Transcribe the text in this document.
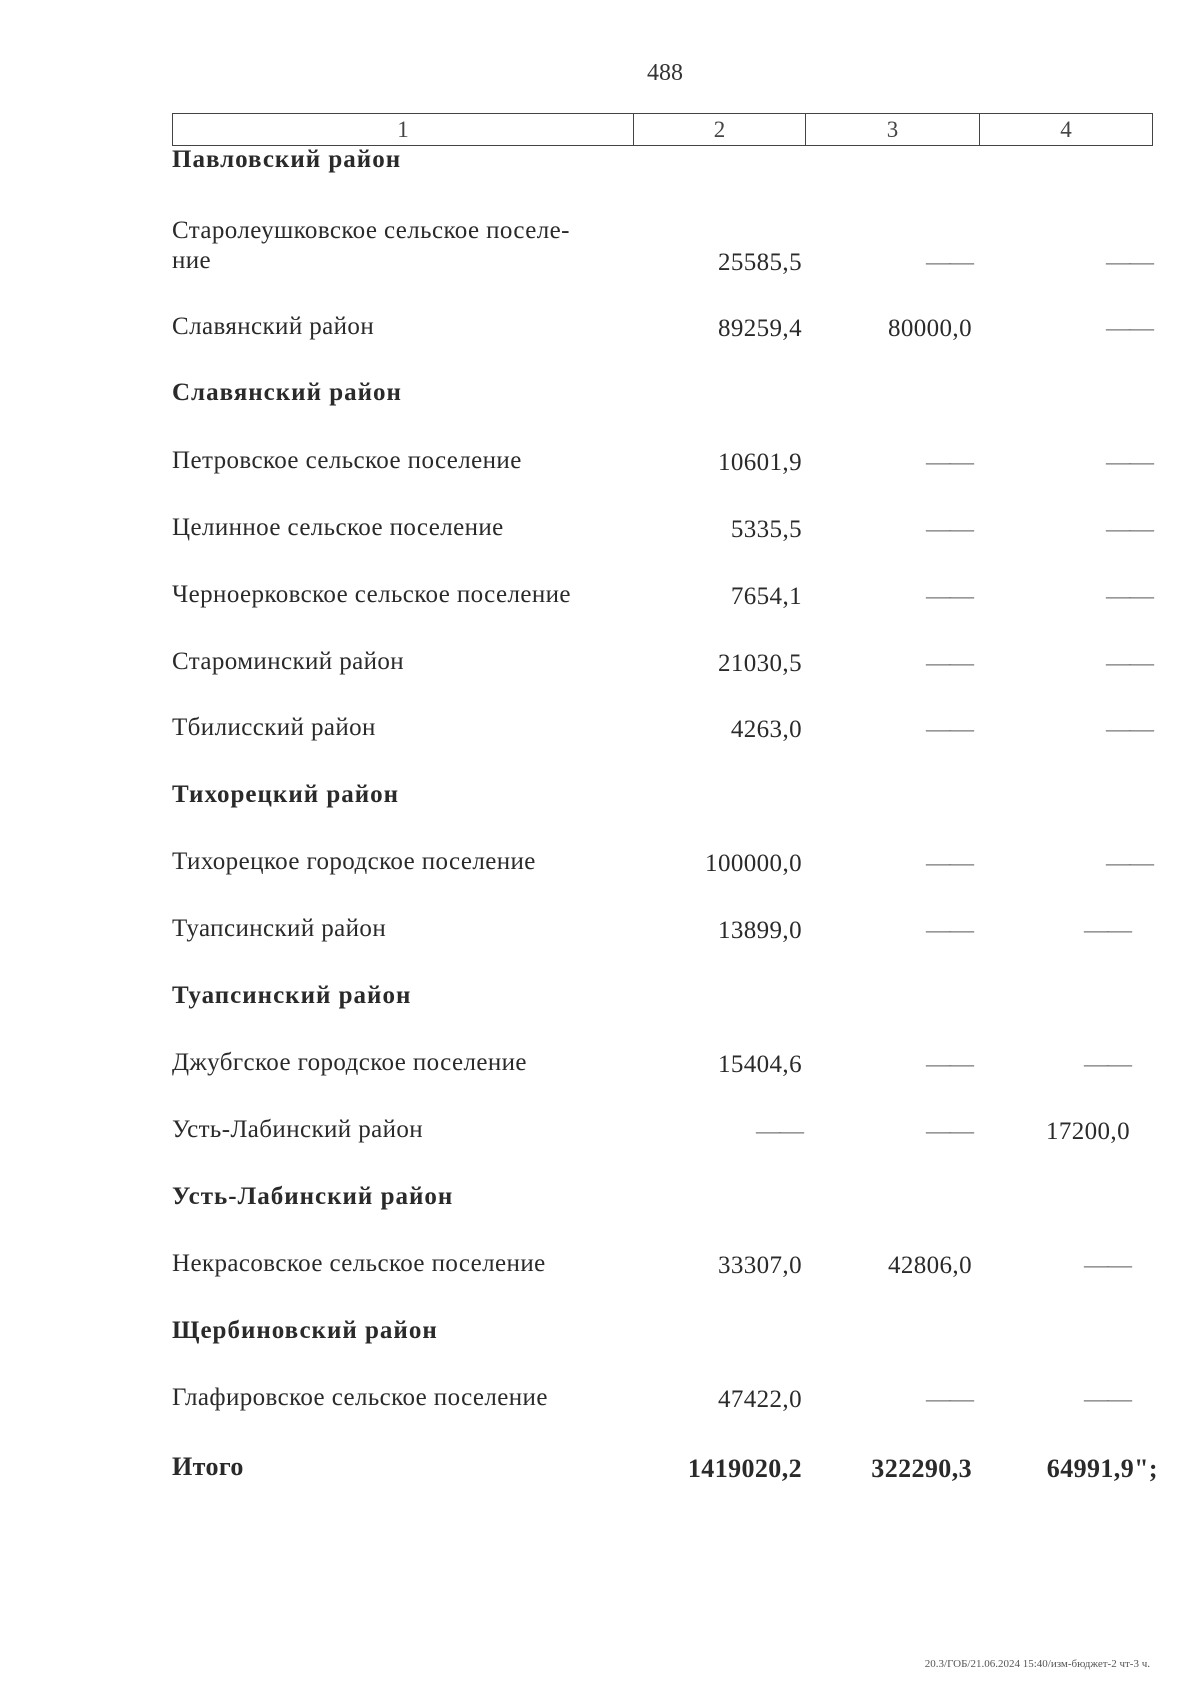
488
1	2	3	4
Павловский район
Старолеушковское сельское поселе-
ние	25585,5	——	——
Славянский район	89259,4	80000,0	——
Славянский район
Петровское сельское поселение	10601,9	——	——
Целинное сельское поселение	5335,5	——	——
Черноерковское сельское поселение	7654,1	——	——
Староминский район	21030,5	——	——
Тбилисский район	4263,0	——	——
Тихорецкий район
Тихорецкое городское поселение	100000,0	——	——
Туапсинский район	13899,0	——	——
Туапсинский район
Джубгское городское поселение	15404,6	——	——
Усть-Лабинский район	——	——	17200,0
Усть-Лабинский район
Некрасовское сельское поселение	33307,0	42806,0	——
Щербиновский район
Глафировское сельское поселение	47422,0	——	——
Итого	1419020,2	322290,3	64991,9";
20.3/ГОБ/21.06.2024 15:40/изм-бюджет-2 чт-3 ч.
